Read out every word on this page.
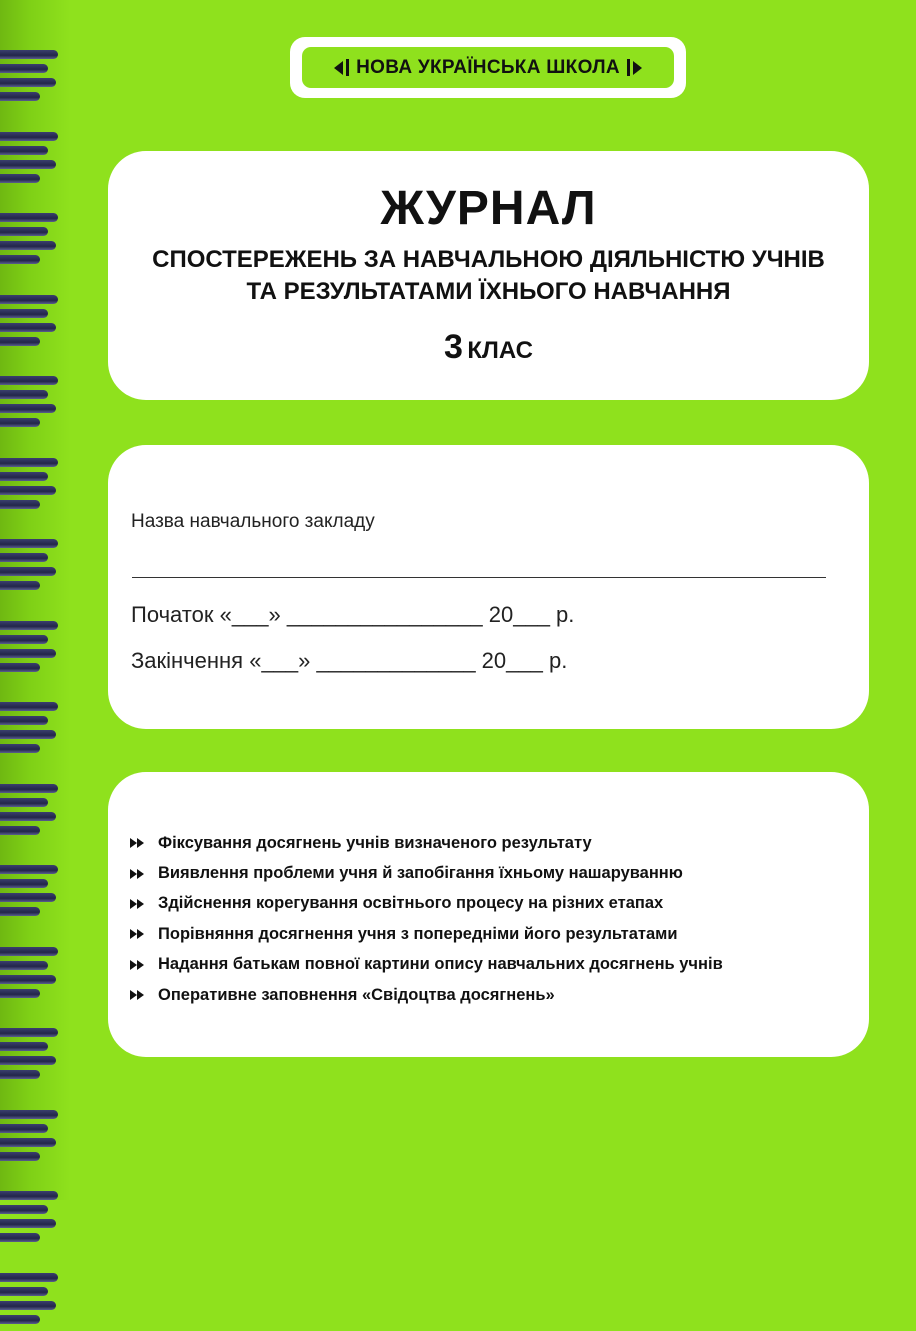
НОВА УКРАЇНСЬКА ШКОЛА
ЖУРНАЛ
СПОСТЕРЕЖЕНЬ ЗА НАВЧАЛЬНОЮ ДІЯЛЬНІСТЮ УЧНІВ
ТА РЕЗУЛЬТАТАМИ ЇХНЬОГО НАВЧАННЯ
3 КЛАС
Назва навчального закладу
Початок «___» ________________ 20___ р.
Закінчення «___» _____________ 20___ р.
Фіксування досягнень учнів визначеного результату
Виявлення проблеми учня й запобігання їхньому нашаруванню
Здійснення корегування освітнього процесу на різних етапах
Порівняння досягнення учня з попередніми його результатами
Надання батькам повної картини опису навчальних досягнень учнів
Оперативне заповнення «Свідоцтва досягнень»
